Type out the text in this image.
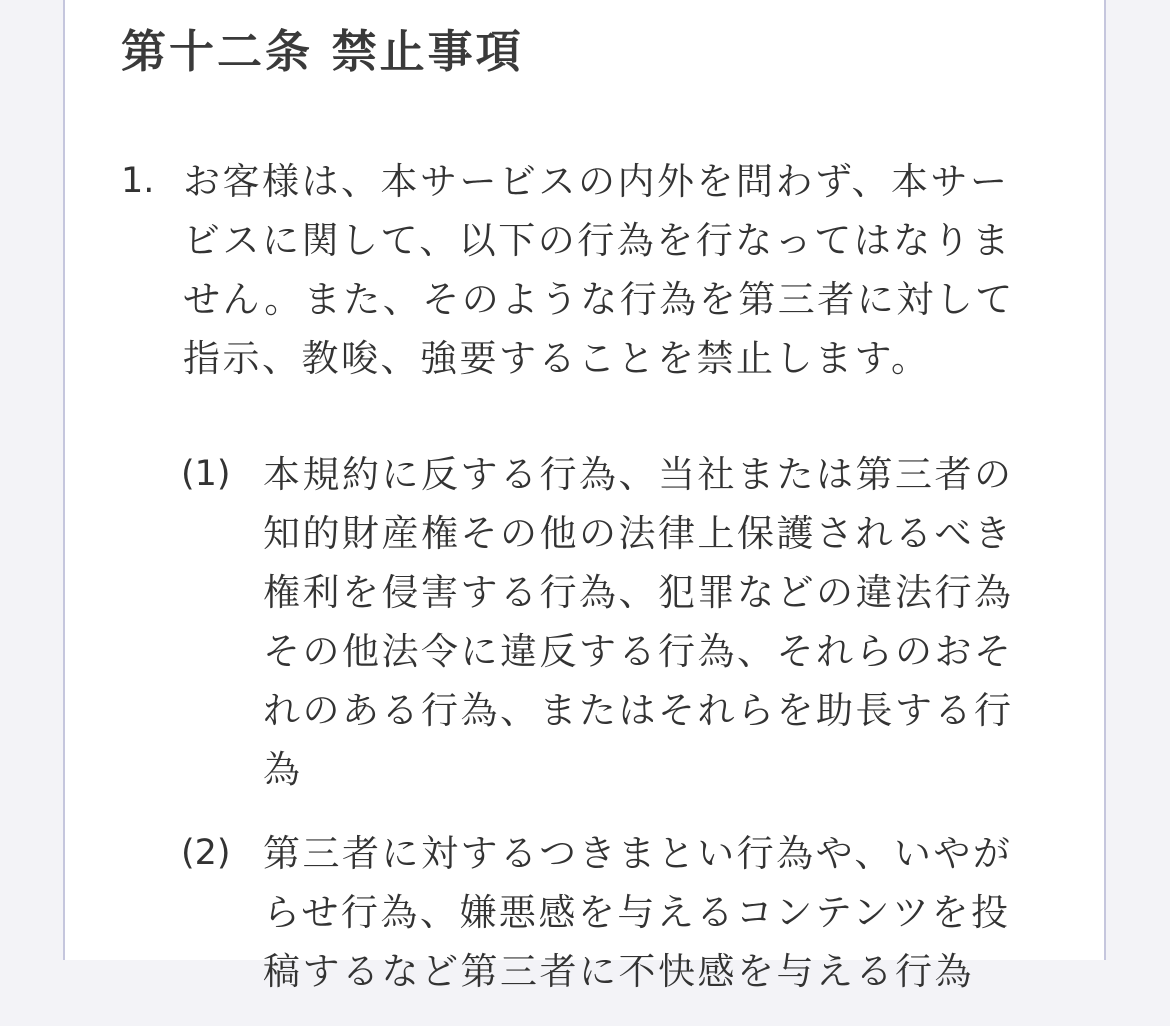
第十二条 禁止事項
1. お客様は、本サービスの内外を問わず、本サービスに関して、以下の行為を行なってはなりません。また、そのような行為を第三者に対して指示、教唆、強要することを禁止します。
(1) 本規約に反する行為、当社または第三者の知的財産権その他の法律上保護されるべき権利を侵害する行為、犯罪などの違法行為その他法令に違反する行為、それらのおそれのある行為、またはそれらを助長する行為
(2) 第三者に対するつきまとい行為や、いやがらせ行為、嫌悪感を与えるコンテンツを投稿するなど第三者に不快感を与える行為
